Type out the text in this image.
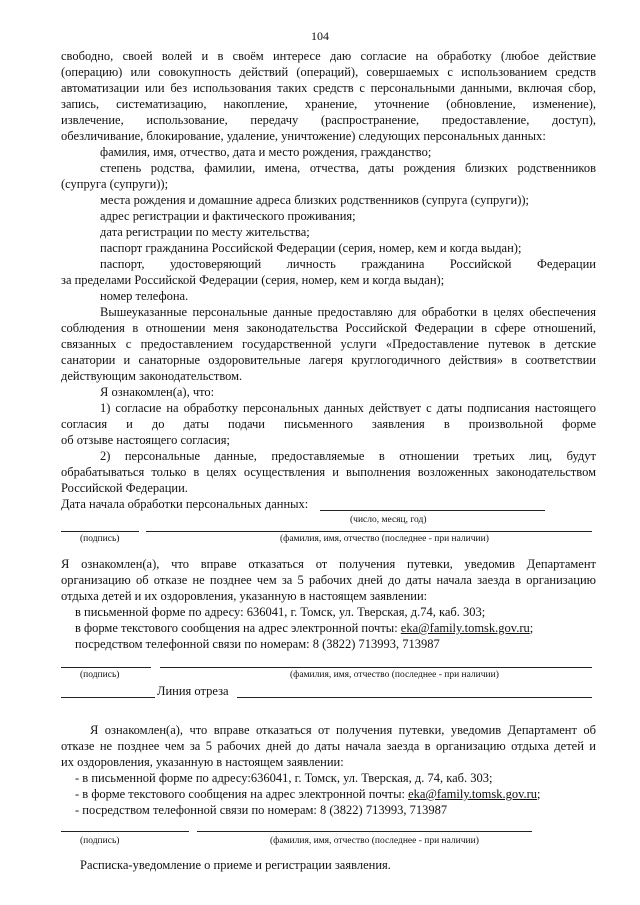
104
свободно, своей волей и в своём интересе даю согласие на обработку (любое действие
(операцию) или совокупность действий (операций), совершаемых с использованием средств
автоматизации или без использования таких средств с персональными данными, включая сбор,
запись, систематизацию, накопление, хранение, уточнение (обновление, изменение),
извлечение, использование, передачу (распространение, предоставление, доступ),
обезличивание, блокирование, удаление, уничтожение) следующих персональных данных:
фамилия, имя, отчество, дата и место рождения, гражданство;
степень родства, фамилии, имена, отчества, даты рождения близких родственников
(супруга (супруги));
места рождения и домашние адреса близких родственников (супруга (супруги));
адрес регистрации и фактического проживания;
дата регистрации по месту жительства;
паспорт гражданина Российской Федерации (серия, номер, кем и когда выдан);
паспорт, удостоверяющий личность гражданина Российской Федерации
за пределами Российской Федерации (серия, номер, кем и когда выдан);
номер телефона.
Вышеуказанные персональные данные предоставляю для обработки в целях обеспечения
соблюдения в отношении меня законодательства Российской Федерации в сфере отношений,
связанных с предоставлением государственной услуги «Предоставление путевок в детские
санатории и санаторные оздоровительные лагеря круглогодичного действия» в соответствии
действующим законодательством.
Я ознакомлен(а), что:
1) согласие на обработку персональных данных действует с даты подписания настоящего
согласия и до даты подачи письменного заявления в произвольной форме
об отзыве настоящего согласия;
2) персональные данные, предоставляемые в отношении третьих лиц, будут
обрабатываться только в целях осуществления и выполнения возложенных законодательством
Российской Федерации.
Дата начала обработки персональных данных:
(число, месяц, год)
(подпись)	(фамилия, имя, отчество (последнее - при наличии)
Я ознакомлен(а), что вправе отказаться от получения путевки, уведомив Департамент
организацию об отказе не позднее чем за 5 рабочих дней до даты начала заезда в организацию
отдыха детей и их оздоровления, указанную в настоящем заявлении:
в письменной форме по адресу: 636041, г. Томск, ул. Тверская, д.74, каб. 303;
в форме текстового сообщения на адрес электронной почты: eka@family.tomsk.gov.ru;
посредством телефонной связи по номерам: 8 (3822) 713993, 713987
(подпись)	(фамилия, имя, отчество (последнее - при наличии)
Линия отреза
Я ознакомлен(а), что вправе отказаться от получения путевки, уведомив Департамент об
отказе не позднее чем за 5 рабочих дней до даты начала заезда в организацию отдыха детей и
их оздоровления, указанную в настоящем заявлении:
- в письменной форме по адресу:636041, г. Томск, ул. Тверская, д. 74, каб. 303;
- в форме текстового сообщения на адрес электронной почты: eka@family.tomsk.gov.ru;
- посредством телефонной связи по номерам: 8 (3822) 713993, 713987
(подпись)	(фамилия, имя, отчество (последнее - при наличии)
Расписка-уведомление о приеме и регистрации заявления.
